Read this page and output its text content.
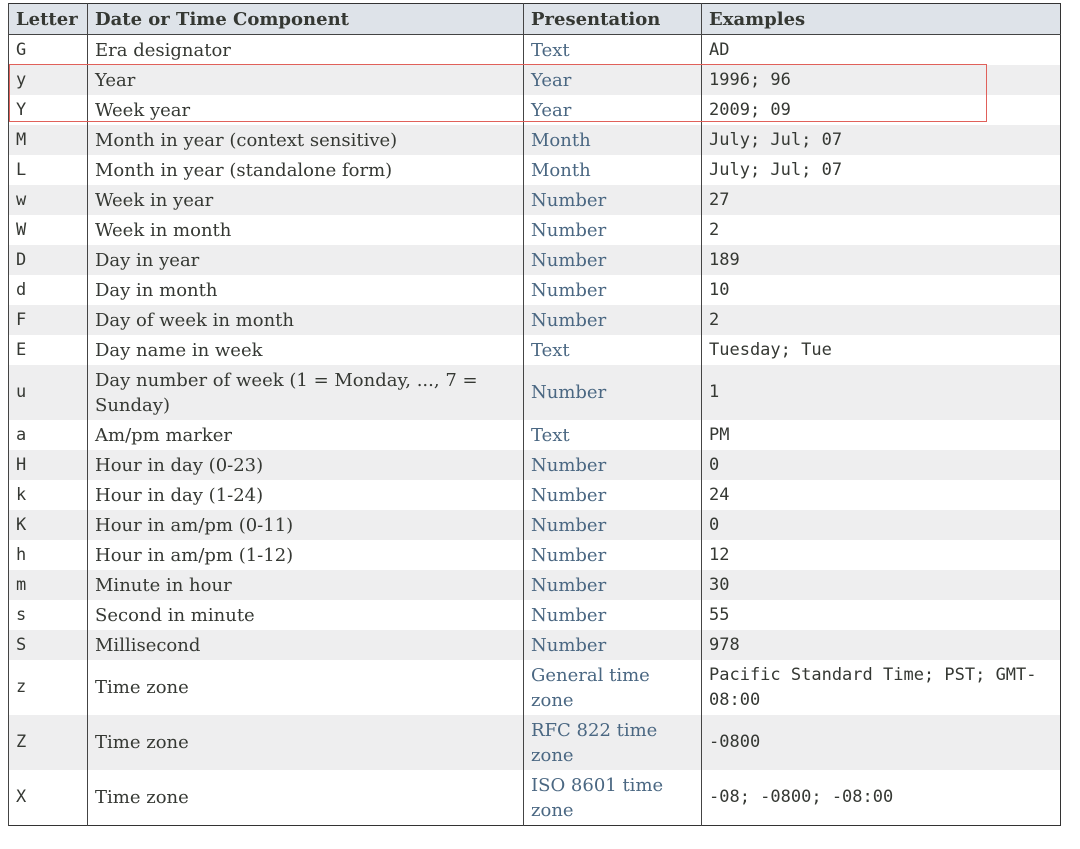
Letter	Date or Time Component	Presentation	Examples
G	Era designator	Text	AD
y	Year	Year	1996; 96
Y	Week year	Year	2009; 09
M	Month in year (context sensitive)	Month	July; Jul; 07
L	Month in year (standalone form)	Month	July; Jul; 07
w	Week in year	Number	27
W	Week in month	Number	2
D	Day in year	Number	189
d	Day in month	Number	10
F	Day of week in month	Number	2
E	Day name in week	Text	Tuesday; Tue
u	Day number of week (1 = Monday, ..., 7 = Sunday)	Number	1
a	Am/pm marker	Text	PM
H	Hour in day (0-23)	Number	0
k	Hour in day (1-24)	Number	24
K	Hour in am/pm (0-11)	Number	0
h	Hour in am/pm (1-12)	Number	12
m	Minute in hour	Number	30
s	Second in minute	Number	55
S	Millisecond	Number	978
z	Time zone	General time zone	Pacific Standard Time; PST; GMT-08:00
Z	Time zone	RFC 822 time zone	-0800
X	Time zone	ISO 8601 time zone	-08; -0800; -08:00
